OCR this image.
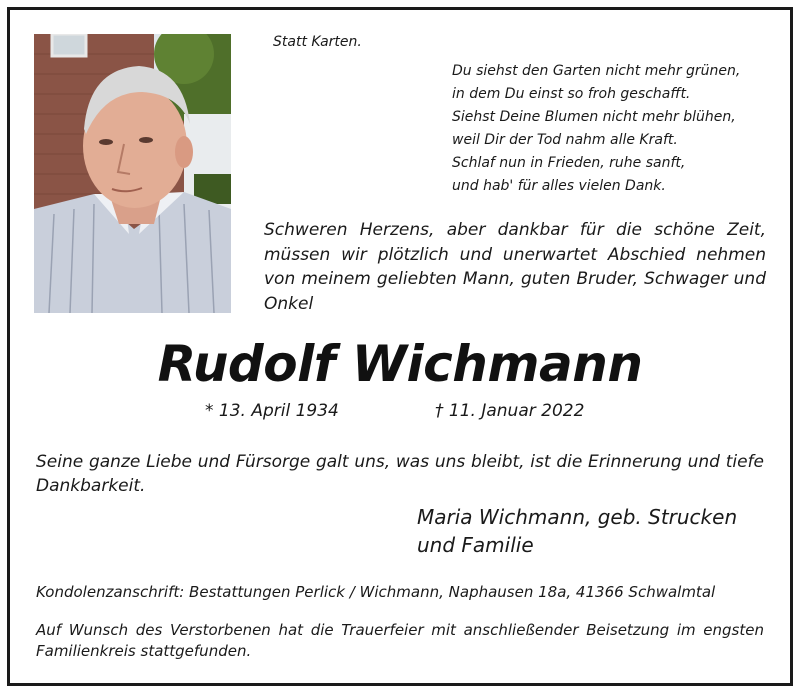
Statt Karten.
Du siehst den Garten nicht mehr grünen,
in dem Du einst so froh geschafft.
Siehst Deine Blumen nicht mehr blühen,
weil Dir der Tod nahm alle Kraft.
Schlaf nun in Frieden, ruhe sanft,
und hab' für alles vielen Dank.
Schweren Herzens, aber dankbar für die schöne Zeit, müssen wir plötzlich und unerwartet Abschied nehmen von meinem geliebten Mann, guten Bruder, Schwager und Onkel
Rudolf Wichmann
* 13. April 1934	† 11. Januar 2022
Seine ganze Liebe und Fürsorge galt uns, was uns bleibt, ist die Erinnerung und tiefe Dankbarkeit.
Maria Wichmann, geb. Strucken
und Familie
Kondolenzanschrift: Bestattungen Perlick / Wichmann, Naphausen 18a, 41366 Schwalmtal
Auf Wunsch des Verstorbenen hat die Trauerfeier mit anschließender Beisetzung im engsten Familienkreis stattgefunden.
